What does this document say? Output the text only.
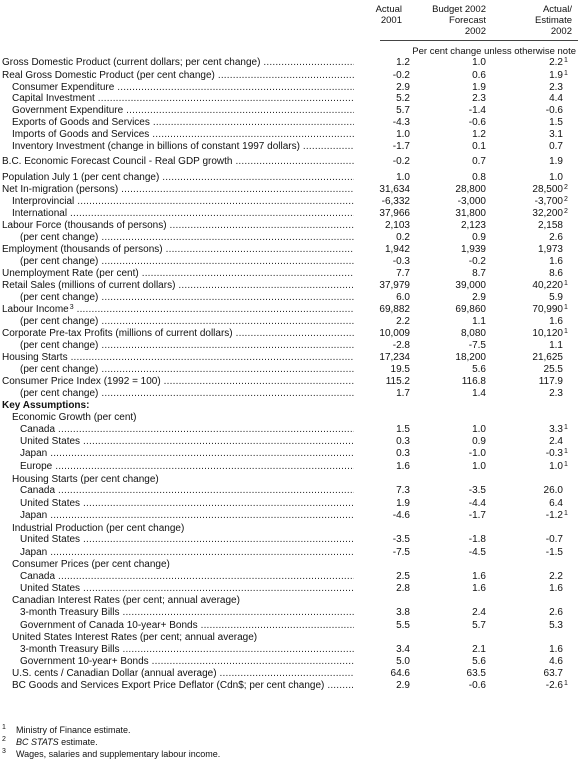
Actual
2001
Budget 2002
Forecast
2002
Actual/
Estimate
2002
Per cent change unless otherwise note
Gross Domestic Product (current dollars; per cent change) .....	1.2	1.0	$2.2^1$
Real Gross Domestic Product (per cent change) .....	-0.2	0.6	$1.9^1$
Consumer Expenditure .....	2.9	1.9	2.3
Capital Investment .....	5.2	2.3	4.4
Government Expenditure .....	5.7	-1.4	-0.6
Exports of Goods and Services .....	-4.3	-0.6	1.5
Imports of Goods and Services .....	1.0	1.2	3.1
Inventory Investment (change in billions of constant 1997 dollars) .....	-1.7	0.1	0.7
B.C. Economic Forecast Council - Real GDP growth .....	-0.2	0.7	1.9
Population July 1 (per cent change) .....	1.0	0.8	1.0
Net In-migration (persons) .....	31,634	28,800	28,500$^2$
Interprovincial .....	-6,332	-3,000	-3,700$^2$
International .....	37,966	31,800	32,200$^2$
Labour Force (thousands of persons) .....	2,103	2,123	2,158
(per cent change) .....	0.2	0.9	2.6
Employment (thousands of persons) .....	1,942	1,939	1,973
(per cent change) .....	-0.3	-0.2	1.6
Unemployment Rate (per cent) .....	7.7	8.7	8.6
Retail Sales (millions of current dollars) .....	37,979	39,000	40,220$^1$
(per cent change) .....	6.0	2.9	5.9
Labour Income$^3$ .....	69,882	69,860	70,990$^1$
(per cent change) .....	2.2	1.1	1.6
Corporate Pre-tax Profits (millions of current dollars) .....	10,009	8,080	10,120$^1$
(per cent change) .....	-2.8	-7.5	1.1
Housing Starts .....	17,234	18,200	21,625
(per cent change) .....	19.5	5.6	25.5
Consumer Price Index (1992 = 100) .....	115.2	116.8	117.9
(per cent change) .....	1.7	1.4	2.3
Key Assumptions:
Economic Growth (per cent)
Canada .....	1.5	1.0	$3.3^1$
United States .....	0.3	0.9	2.4
Japan .....	0.3	-1.0	$-0.3^1$
Europe .....	1.6	1.0	$1.0^1$
Housing Starts (per cent change)
Canada .....	7.3	-3.5	26.0
United States .....	1.9	-4.4	6.4
Japan .....	-4.6	-1.7	$-1.2^1$
Industrial Production (per cent change)
United States .....	-3.5	-1.8	-0.7
Japan .....	-7.5	-4.5	-1.5
Consumer Prices (per cent change)
Canada .....	2.5	1.6	2.2
United States .....	2.8	1.6	1.6
Canadian Interest Rates (per cent; annual average)
3-month Treasury Bills .....	3.8	2.4	2.6
Government of Canada 10-year+ Bonds .....	5.5	5.7	5.3
United States Interest Rates (per cent; annual average)
3-month Treasury Bills .....	3.4	2.1	1.6
Government 10-year+ Bonds .....	5.0	5.6	4.6
U.S. cents / Canadian Dollar (annual average) .....	64.6	63.5	63.7
BC Goods and Services Export Price Deflator (Cdn$; per cent change) .....	2.9	-0.6	$-2.6^1$
1 Ministry of Finance estimate.
2 BC STATS estimate.
3 Wages, salaries and supplementary labour income.
